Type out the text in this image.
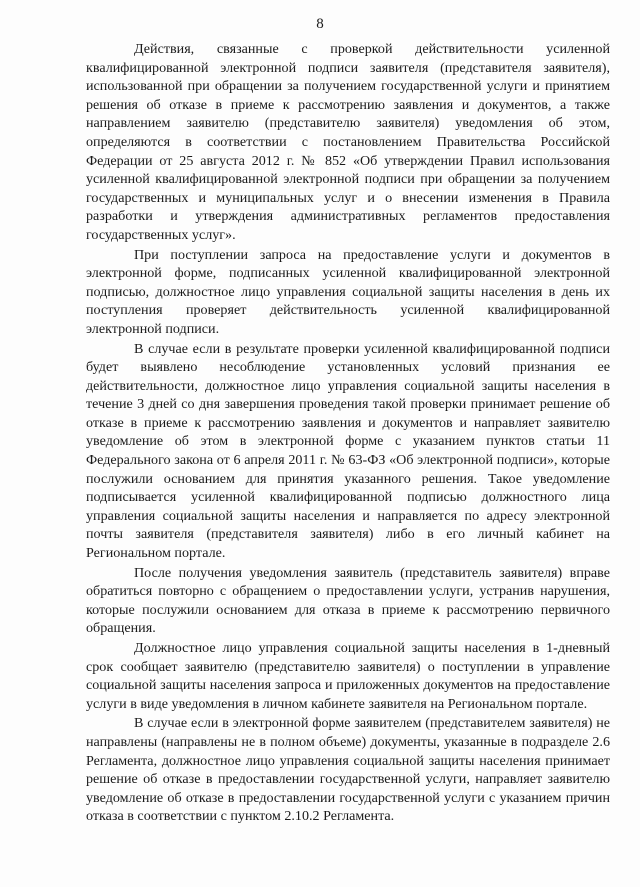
8

Действия, связанные с проверкой действительности усиленной квалифицированной электронной подписи заявителя (представителя заявителя), использованной при обращении за получением государственной услуги и принятием решения об отказе в приеме к рассмотрению заявления и документов, а также направлением заявителю (представителю заявителя) уведомления об этом, определяются в соответствии с постановлением Правительства Российской Федерации от 25 августа 2012 г. № 852 «Об утверждении Правил использования усиленной квалифицированной электронной подписи при обращении за получением государственных и муниципальных услуг и о внесении изменения в Правила разработки и утверждения административных регламентов предоставления государственных услуг».

При поступлении запроса на предоставление услуги и документов в электронной форме, подписанных усиленной квалифицированной электронной подписью, должностное лицо управления социальной защиты населения в день их поступления проверяет действительность усиленной квалифицированной электронной подписи.

В случае если в результате проверки усиленной квалифицированной подписи будет выявлено несоблюдение установленных условий признания ее действительности, должностное лицо управления социальной защиты населения в течение 3 дней со дня завершения проведения такой проверки принимает решение об отказе в приеме к рассмотрению заявления и документов и направляет заявителю уведомление об этом в электронной форме с указанием пунктов статьи 11 Федерального закона от 6 апреля 2011 г. № 63-ФЗ «Об электронной подписи», которые послужили основанием для принятия указанного решения. Такое уведомление подписывается усиленной квалифицированной подписью должностного лица управления социальной защиты населения и направляется по адресу электронной почты заявителя (представителя заявителя) либо в его личный кабинет на Региональном портале.

После получения уведомления заявитель (представитель заявителя) вправе обратиться повторно с обращением о предоставлении услуги, устранив нарушения, которые послужили основанием для отказа в приеме к рассмотрению первичного обращения.

Должностное лицо управления социальной защиты населения в 1-дневный срок сообщает заявителю (представителю заявителя) о поступлении в управление социальной защиты населения запроса и приложенных документов на предоставление услуги в виде уведомления в личном кабинете заявителя на Региональном портале.

В случае если в электронной форме заявителем (представителем заявителя) не направлены (направлены не в полном объеме) документы, указанные в подразделе 2.6 Регламента, должностное лицо управления социальной защиты населения принимает решение об отказе в предоставлении государственной услуги, направляет заявителю уведомление об отказе в предоставлении государственной услуги с указанием причин отказа в соответствии с пунктом 2.10.2 Регламента.
